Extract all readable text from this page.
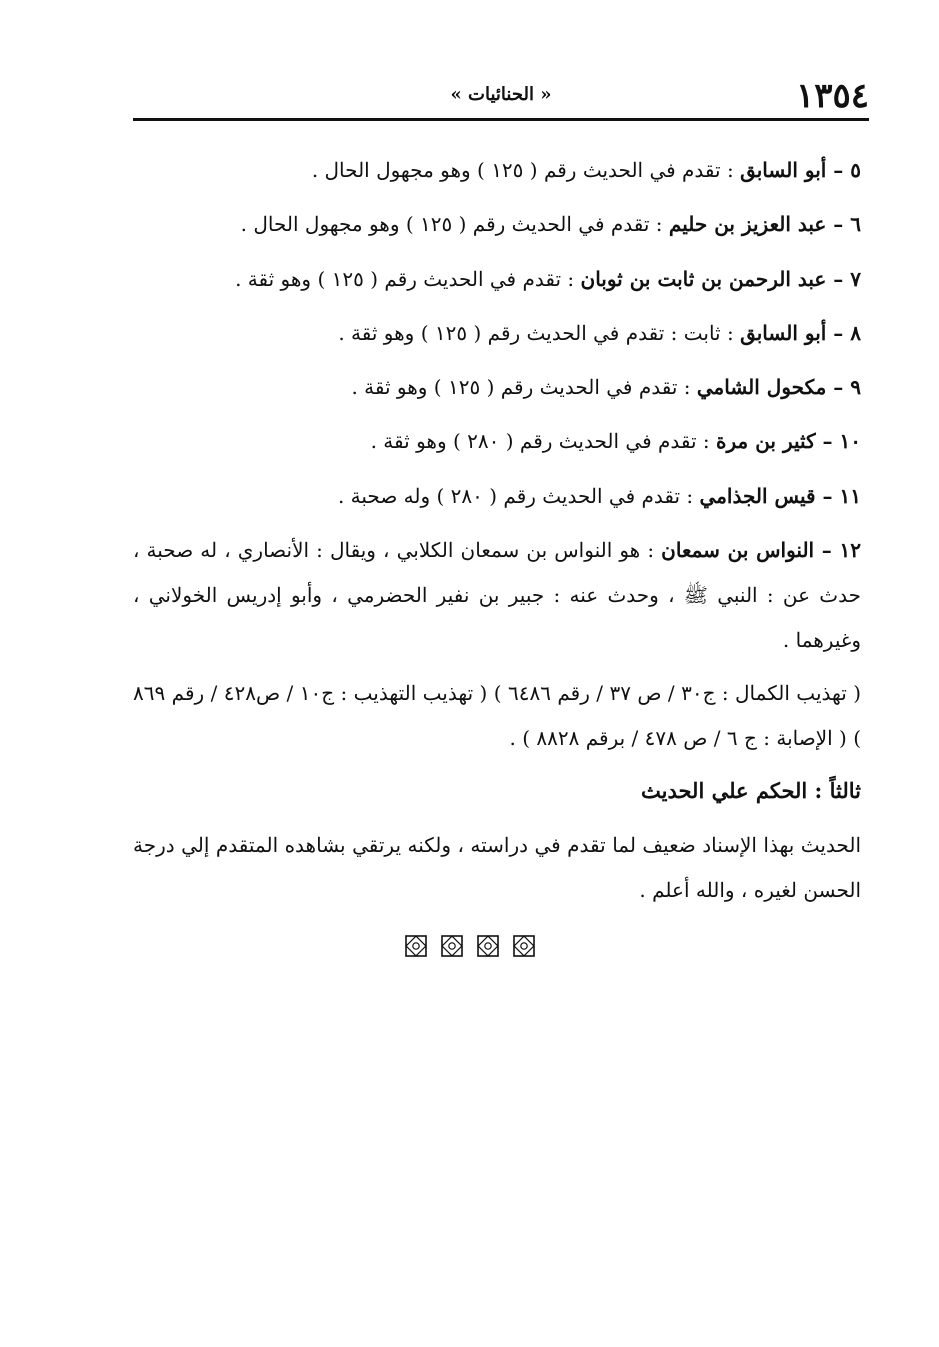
١٣٥٤
« الحنائيات »

٥ – أبو السابق : تقدم في الحديث رقم ( ١٢٥ ) وهو مجهول الحال .

٦ – عبد العزيز بن حليم : تقدم في الحديث رقم ( ١٢٥ ) وهو مجهول الحال .

٧ – عبد الرحمن بن ثابت بن ثوبان : تقدم في الحديث رقم ( ١٢٥ ) وهو ثقة .

٨ – أبو السابق : ثابت : تقدم في الحديث رقم ( ١٢٥ ) وهو ثقة .

٩ – مكحول الشامي : تقدم في الحديث رقم ( ١٢٥ ) وهو ثقة .

١٠ – كثير بن مرة : تقدم في الحديث رقم ( ٢٨٠ ) وهو ثقة .

١١ – قيس الجذامي : تقدم في الحديث رقم ( ٢٨٠ ) وله صحبة .

١٢ – النواس بن سمعان : هو النواس بن سمعان الكلابي ، ويقال : الأنصاري ، له صحبة ، حدث عن : النبي ﷺ ، وحدث عنه : جبير بن نفير الحضرمي ، وأبو إدريس الخولاني ، وغيرهما .

( تهذيب الكمال : ج٣٠ / ص ٣٧ / رقم ٦٤٨٦ ) ( تهذيب التهذيب : ج١٠ / ص٤٢٨ / رقم ٨٦٩ ) ( الإصابة : ج ٦ / ص ٤٧٨ / برقم ٨٨٢٨ ) .

ثالثاً : الحكم علي الحديث

الحديث بهذا الإسناد ضعيف لما تقدم في دراسته ، ولكنه يرتقي بشاهده المتقدم إلي درجة الحسن لغيره ، والله أعلم .
